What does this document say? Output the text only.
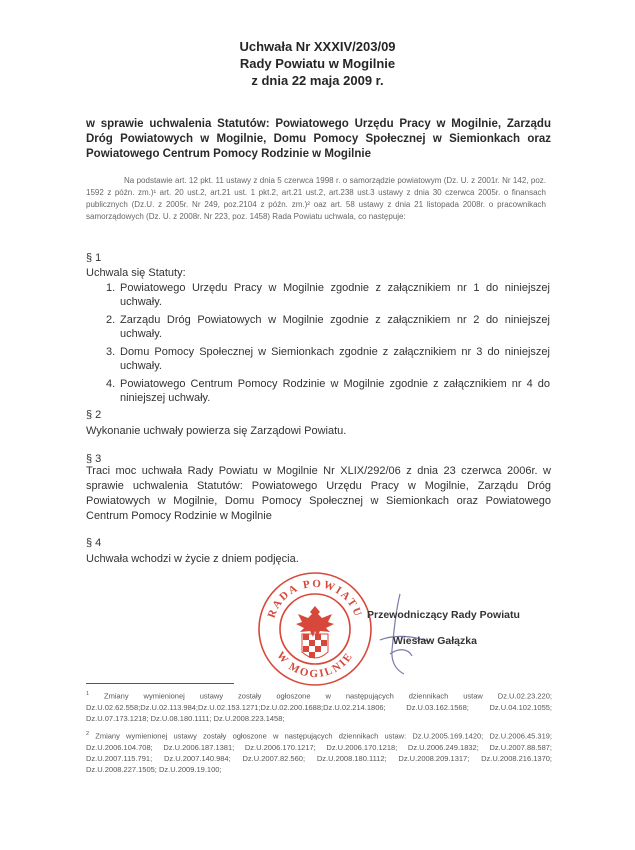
Uchwała Nr XXXIV/203/09
Rady Powiatu w Mogilnie
z dnia 22 maja 2009 r.
w sprawie uchwalenia Statutów: Powiatowego Urzędu Pracy w Mogilnie, Zarządu Dróg Powiatowych w Mogilnie, Domu Pomocy Społecznej w Siemionkach oraz Powiatowego Centrum Pomocy Rodzinie w Mogilnie
Na podstawie art. 12 pkt. 11 ustawy z dnia 5 czerwca 1998 r. o samorządzie powiatowym (Dz. U. z 2001r. Nr 142, poz. 1592 z późn. zm.)¹ art. 20 ust.2, art.21 ust. 1 pkt.2, art.21 ust.2, art.238 ust.3 ustawy z dnia 30 czerwca 2005r. o finansach publicznych (Dz.U. z 2005r. Nr 249, poz.2104 z późn. zm.)² oaz art. 58 ustawy z dnia 21 listopada 2008r. o pracownikach samorządowych (Dz. U. z 2008r. Nr 223, poz. 1458) Rada Powiatu uchwala, co następuje:
§ 1
Uchwala się Statuty:
1. Powiatowego Urzędu Pracy w Mogilnie zgodnie z załącznikiem nr 1 do niniejszej uchwały.
2. Zarządu Dróg Powiatowych w Mogilnie zgodnie z załącznikiem nr 2 do niniejszej uchwały.
3. Domu Pomocy Społecznej w Siemionkach zgodnie z załącznikiem nr 3 do niniejszej uchwały.
4. Powiatowego Centrum Pomocy Rodzinie w Mogilnie zgodnie z załącznikiem nr 4 do niniejszej uchwały.
§ 2
Wykonanie uchwały powierza się Zarządowi Powiatu.
§ 3
Traci moc uchwała Rady Powiatu w Mogilnie Nr XLIX/292/06 z dnia 23 czerwca 2006r. w sprawie uchwalenia Statutów: Powiatowego Urzędu Pracy w Mogilnie, Zarządu Dróg Powiatowych w Mogilnie, Domu Pomocy Społecznej w Siemionkach oraz Powiatowego Centrum Pomocy Rodzinie w Mogilnie
§ 4
Uchwała wchodzi w życie z dniem podjęcia.
RADA POWIATU
W MOGILNIE
Przewodniczący Rady Powiatu
Wiesław Gałązka
$^1$ Zmiany wymienionej ustawy zostały ogłoszone w następujących dziennikach ustaw Dz.U.02.23.220; Dz.U.02.62.558;Dz.U.02.113.984;Dz.U.02.153.1271;Dz.U.02.200.1688;Dz.U.02.214.1806; Dz.U.03.162.1568; Dz.U.04.102.1055; Dz.U.07.173.1218; Dz.U.08.180.1111; Dz.U.2008.223.1458;
$^2$ Zmiany wymienionej ustawy zostały ogłoszone w następujących dziennikach ustaw: Dz.U.2005.169.1420; Dz.U.2006.45.319; Dz.U.2006.104.708; Dz.U.2006.187.1381; Dz.U.2006.170.1217; Dz.U.2006.170.1218; Dz.U.2006.249.1832; Dz.U.2007.88.587; Dz.U.2007.115.791; Dz.U.2007.140.984; Dz.U.2007.82.560; Dz.U.2008.180.1112; Dz.U.2008.209.1317; Dz.U.2008.216.1370; Dz.U.2008.227.1505; Dz.U.2009.19.100;
